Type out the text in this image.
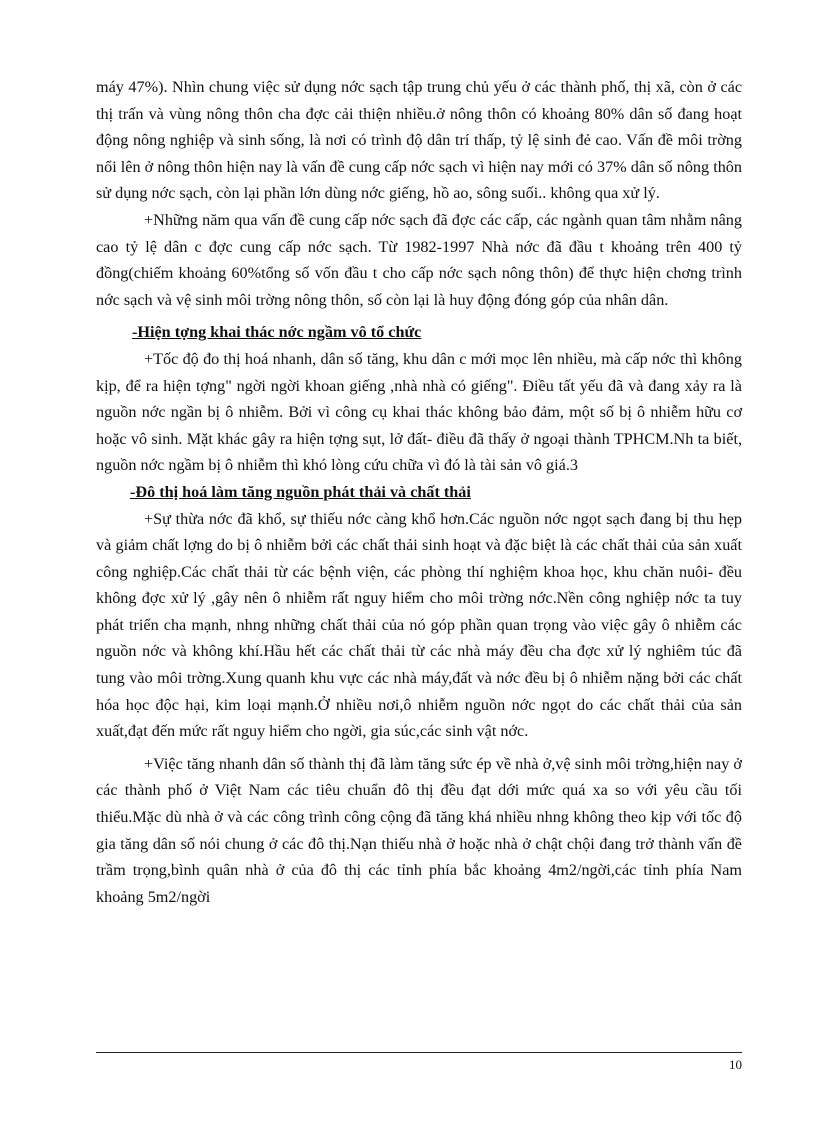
máy 47%). Nhìn chung việc sử dụng nớc sạch tập trung chủ yếu ở các thành phố, thị xã, còn ở các thị trấn và vùng nông thôn cha đợc cải thiện nhiều.ở nông thôn có khoảng 80% dân số đang hoạt động nông nghiệp và sinh sống, là nơi có trình độ dân trí thấp, tỷ lệ sinh đẻ cao. Vấn đề môi trờng nổi lên ở nông thôn hiện nay là vấn đề cung cấp nớc sạch vì hiện nay mới có 37% dân số nông thôn sử dụng nớc sạch, còn lại phần lớn dùng nớc giếng, hồ ao, sông suối.. không qua xử lý.

+Những năm qua vấn đề cung cấp nớc sạch đã đợc các cấp, các ngành quan tâm nhằm nâng cao tỷ lệ dân c đợc cung cấp nớc sạch. Từ 1982-1997 Nhà nớc đã đầu t khoảng trên 400 tỷ đồng(chiếm khoảng 60%tổng số vốn đầu t cho cấp nớc sạch nông thôn) để thực hiện chơng trình nớc sạch và vệ sinh môi trờng nông thôn, số còn lại là huy động đóng góp của nhân dân.

-Hiện tợng khai thác nớc ngầm vô tổ chức

+Tốc độ đo thị hoá nhanh, dân số tăng, khu dân c mới mọc lên nhiều, mà cấp nớc thì không kịp, để ra hiện tợng" ngời ngời khoan giếng ,nhà nhà có giếng". Điều tất yếu đã và đang xảy ra là nguồn nớc ngần bị ô nhiễm. Bởi vì công cụ khai thác không bảo đảm, một số bị ô nhiễm hữu cơ hoặc vô sinh. Mặt khác gây ra hiện tợng sụt, lở đất- điều đã thấy ở ngoại thành TPHCM.Nh ta biết, nguồn nớc ngầm bị ô nhiễm thì khó lòng cứu chữa vì đó là tài sản vô giá.3

-Đô thị hoá làm tăng nguồn phát thải và chất thải

+Sự thừa nớc đã khổ, sự thiếu nớc càng khổ hơn.Các nguồn nớc ngọt sạch đang bị thu hẹp và giảm chất lợng do bị ô nhiễm bởi các chất thải sinh hoạt và đặc biệt là các chất thải của sản xuất công nghiệp.Các chất thải từ các bệnh viện, các phòng thí nghiệm khoa học, khu chăn nuôi- đều không đợc xử lý ,gây nên ô nhiễm rất nguy hiểm cho môi trờng nớc.Nền công nghiệp nớc ta tuy phát triển cha mạnh, nhng những chất thải của nó góp phần quan trọng vào việc gây ô nhiễm các nguồn nớc và không khí.Hầu hết các chất thải từ các nhà máy đều cha đợc xử lý nghiêm túc đã tung vào môi trờng.Xung quanh khu vực các nhà máy,đất và nớc đều bị ô nhiễm nặng bởi các chất hóa học độc hại, kim loại mạnh.Ở nhiều nơi,ô nhiễm nguồn nớc ngọt do các chất thải của sản xuất,đạt đến mức rất nguy hiểm cho ngời, gia súc,các sinh vật nớc.

+Việc tăng nhanh dân số thành thị đã làm tăng sức ép về nhà ở,vệ sinh môi trờng,hiện nay ở các thành phố ở Việt Nam các tiêu chuẩn đô thị đều đạt dới mức quá xa so với yêu cầu tối thiểu.Mặc dù nhà ở và các công trình công cộng đã tăng khá nhiều nhng không theo kịp với tốc độ gia tăng dân số nói chung ở các đô thị.Nạn thiếu nhà ở hoặc nhà ở chật chội đang trở thành vấn đề trầm trọng,bình quân nhà ở của đô thị các tỉnh phía bắc khoảng 4m2/ngời,các tỉnh phía Nam khoảng 5m2/ngời

10
